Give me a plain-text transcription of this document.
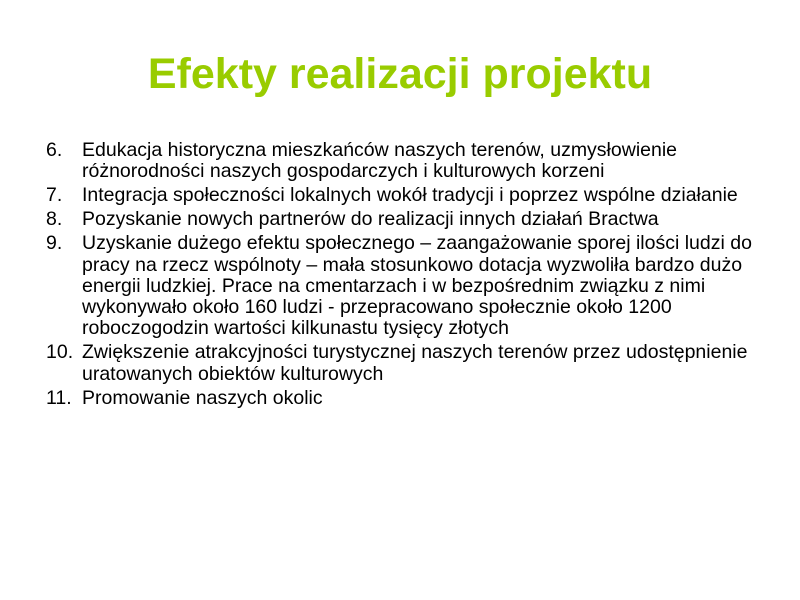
Efekty realizacji projektu
6.	Edukacja historyczna mieszkańców naszych terenów, uzmysłowienie różnorodności naszych gospodarczych i kulturowych korzeni
7.	Integracja społeczności lokalnych wokół tradycji i poprzez wspólne działanie
8.	Pozyskanie nowych partnerów do realizacji innych działań Bractwa
9.	Uzyskanie dużego efektu społecznego – zaangażowanie sporej ilości ludzi do pracy na rzecz wspólnoty – mała stosunkowo dotacja wyzwoliła bardzo dużo energii ludzkiej. Prace na cmentarzach i w bezpośrednim związku z nimi wykonywało około 160 ludzi - przepracowano społecznie około 1200 roboczogodzin wartości kilkunastu tysięcy złotych
10. Zwiększenie atrakcyjności turystycznej naszych terenów przez udostępnienie uratowanych obiektów kulturowych
11. Promowanie naszych okolic
